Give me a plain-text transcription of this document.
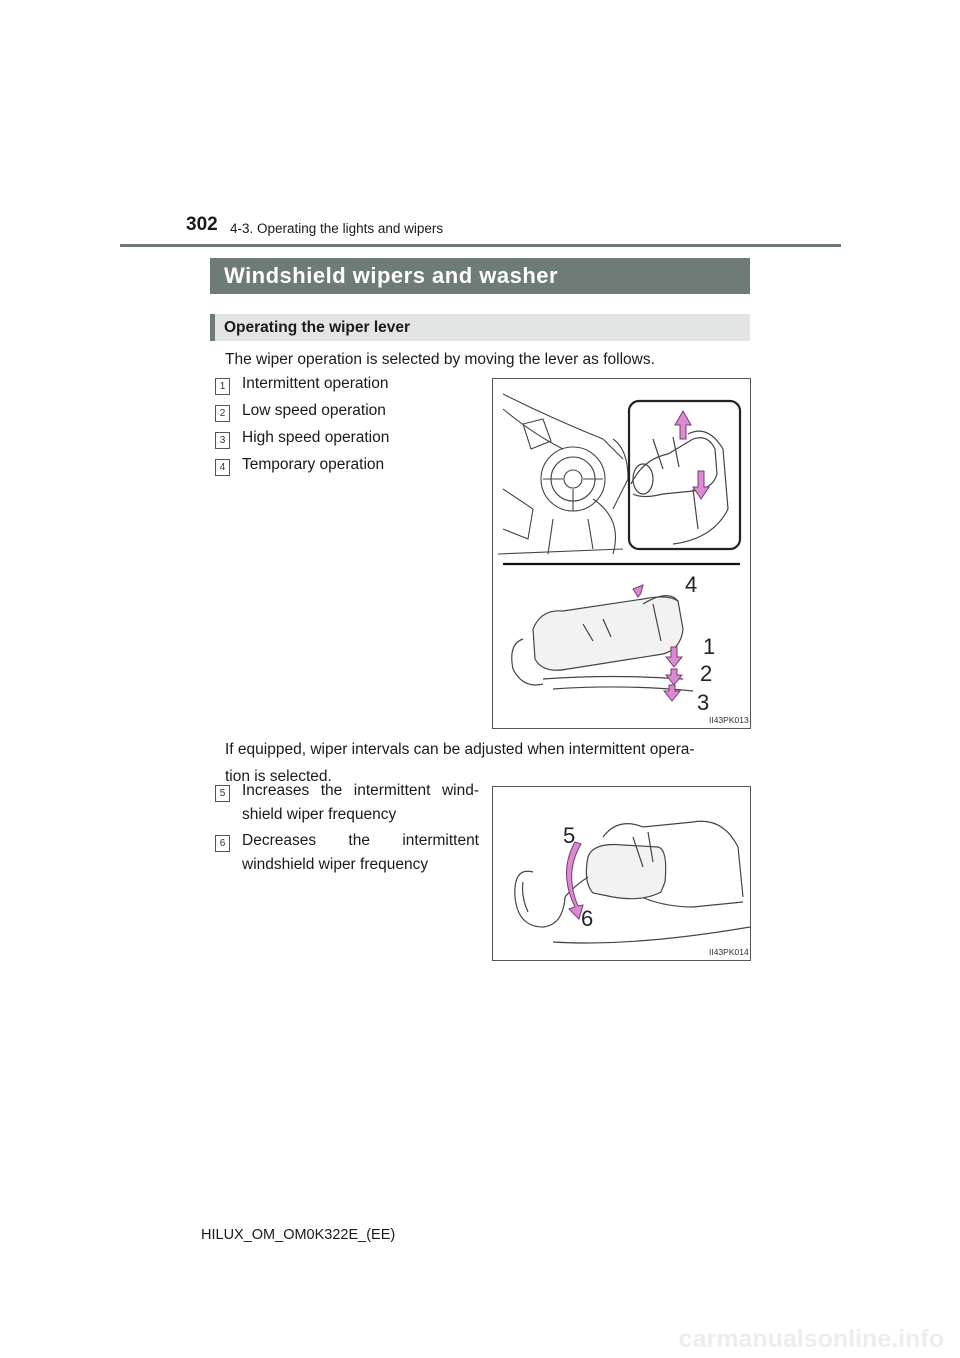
302 4-3. Operating the lights and wipers
Windshield wipers and washer
Operating the wiper lever
The wiper operation is selected by moving the lever as follows.
1	Intermittent operation
2	Low speed operation
3	High speed operation
4	Temporary operation
4
1
2
3
II43PK013
If equipped, wiper intervals can be adjusted when intermittent opera-
tion is selected.
5	Increases the intermittent wind-
shield wiper frequency
6	Decreases the intermittent
windshield wiper frequency
5
6
II43PK014
HILUX_OM_OM0K322E_(EE)
carmanualsonline.info
